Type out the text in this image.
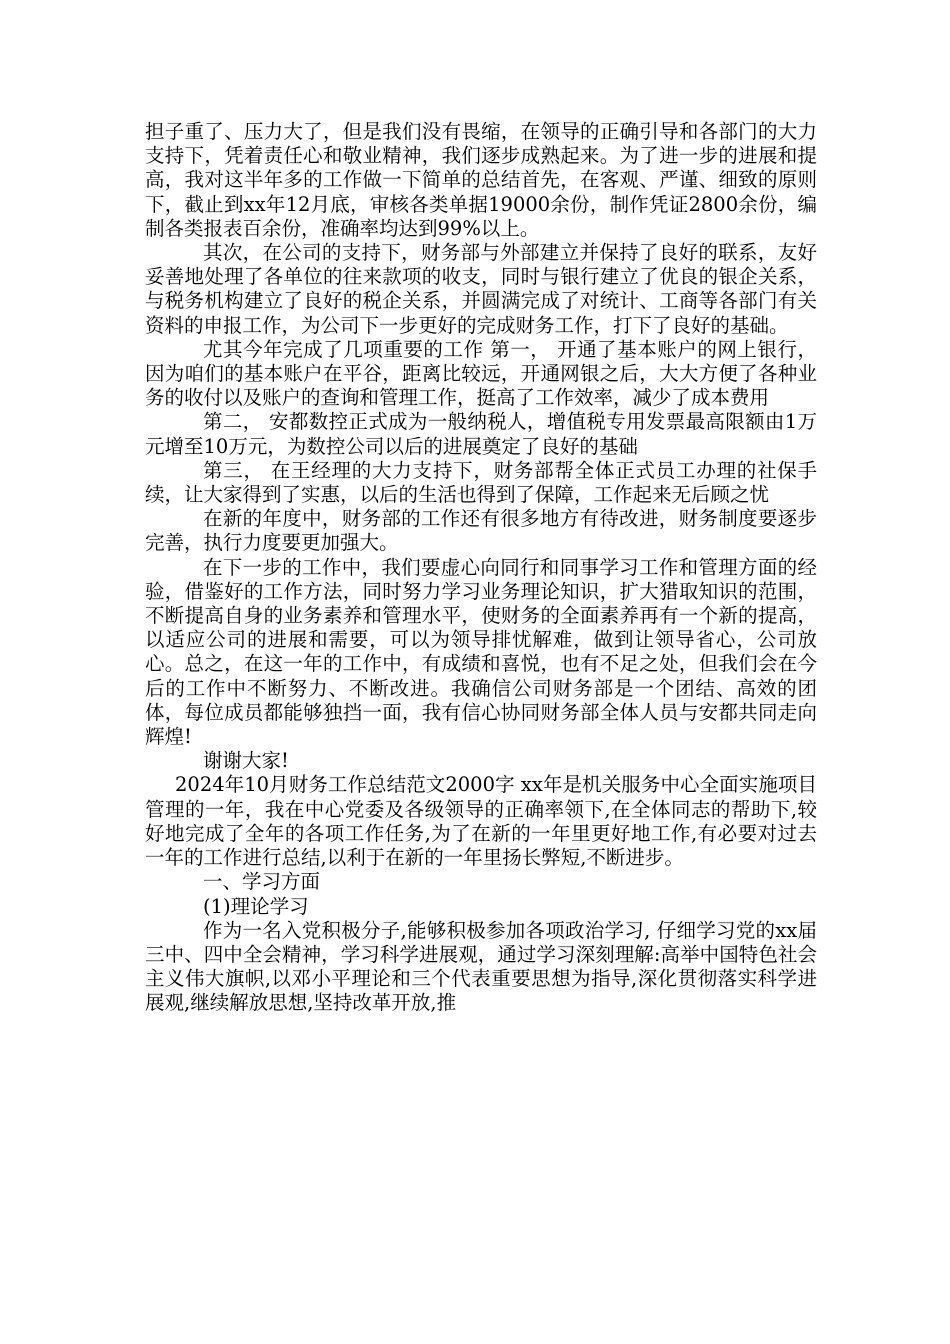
担子重了、压力大了，但是我们没有畏缩，在领导的正确引导和各部门的大力支持下，凭着责任心和敬业精神，我们逐步成熟起来。为了进一步的进展和提高，我对这半年多的工作做一下简单的总结首先，在客观、严谨、细致的原则下，截止到xx年12月底，审核各类单据19000余份，制作凭证2800余份，编制各类报表百余份，准确率均达到99%以上。

其次，在公司的支持下，财务部与外部建立并保持了良好的联系，友好妥善地处理了各单位的往来款项的收支，同时与银行建立了优良的银企关系，与税务机构建立了良好的税企关系，并圆满完成了对统计、工商等各部门有关资料的申报工作，为公司下一步更好的完成财务工作，打下了良好的基础。

尤其今年完成了几项重要的工作 第一， 开通了基本账户的网上银行，因为咱们的基本账户在平谷，距离比较远，开通网银之后，大大方便了各种业务的收付以及账户的查询和管理工作，挺高了工作效率，减少了成本费用

第二， 安都数控正式成为一般纳税人，增值税专用发票最高限额由1万元增至10万元，为数控公司以后的进展奠定了良好的基础

第三， 在王经理的大力支持下，财务部帮全体正式员工办理的社保手续，让大家得到了实惠，以后的生活也得到了保障，工作起来无后顾之忧

在新的年度中，财务部的工作还有很多地方有待改进，财务制度要逐步完善，执行力度要更加强大。

在下一步的工作中，我们要虚心向同行和同事学习工作和管理方面的经验，借鉴好的工作方法，同时努力学习业务理论知识，扩大猎取知识的范围，不断提高自身的业务素养和管理水平，使财务的全面素养再有一个新的提高，以适应公司的进展和需要，可以为领导排忧解难，做到让领导省心，公司放心。总之，在这一年的工作中，有成绩和喜悦，也有不足之处，但我们会在今后的工作中不断努力、不断改进。我确信公司财务部是一个团结、高效的团体，每位成员都能够独挡一面，我有信心协同财务部全体人员与安都共同走向辉煌!

谢谢大家!

2024年10月财务工作总结范文2000字 xx年是机关服务中心全面实施项目管理的一年，我在中心党委及各级领导的正确率领下,在全体同志的帮助下,较好地完成了全年的各项工作任务,为了在新的一年里更好地工作,有必要对过去一年的工作进行总结,以利于在新的一年里扬长弊短,不断进步。

一、学习方面

(1)理论学习

作为一名入党积极分子,能够积极参加各项政治学习, 仔细学习党的xx届三中、四中全会精神，学习科学进展观，通过学习深刻理解:高举中国特色社会主义伟大旗帜,以邓小平理论和三个代表重要思想为指导,深化贯彻落实科学进展观,继续解放思想,坚持改革开放,推
